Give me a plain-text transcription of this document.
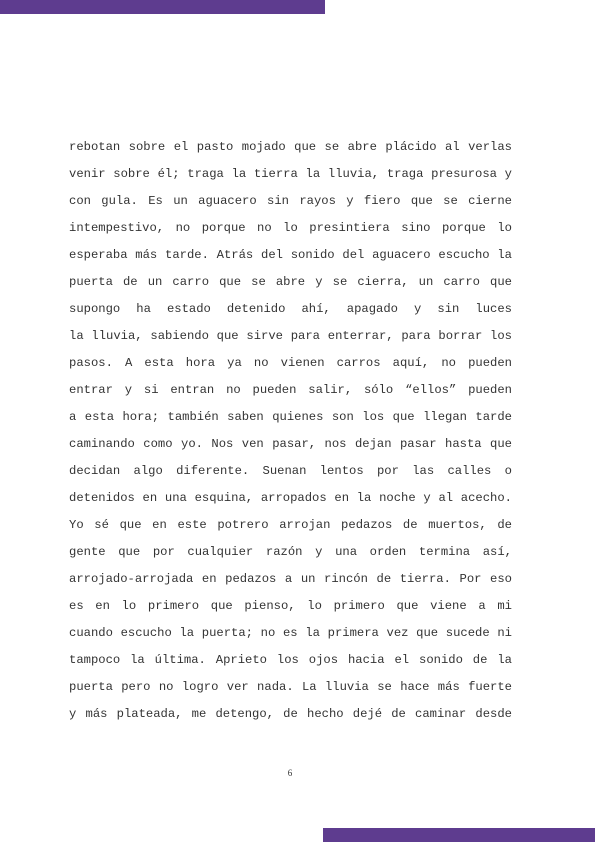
rebotan sobre el pasto mojado que se abre plácido al verlas
venir sobre él; traga la tierra la lluvia, traga presurosa y
con gula. Es un aguacero sin rayos y fiero que se cierne
intempestivo, no porque no lo presintiera sino porque lo
esperaba más tarde. Atrás del sonido del aguacero escucho la
puerta de un carro que se abre y se cierra, un carro que
supongo ha estado detenido ahí, apagado y sin luces
la lluvia, sabiendo que sirve para enterrar, para borrar los
pasos. A esta hora ya no vienen carros aquí, no pueden
entrar y si entran no pueden salir, sólo “ellos” pueden
a esta hora; también saben quienes son los que llegan tarde
caminando como yo. Nos ven pasar, nos dejan pasar hasta que
decidan algo diferente. Suenan lentos por las calles o
detenidos en una esquina, arropados en la noche y al acecho.
Yo sé que en este potrero arrojan pedazos de muertos, de
gente que por cualquier razón y una orden termina así,
arrojado-arrojada en pedazos a un rincón de tierra. Por eso
es en lo primero que pienso, lo primero que viene a mi
cuando escucho la puerta; no es la primera vez que sucede ni
tampoco la última. Aprieto los ojos hacia el sonido de la
puerta pero no logro ver nada. La lluvia se hace más fuerte
y más plateada, me detengo, de hecho dejé de caminar desde
6
